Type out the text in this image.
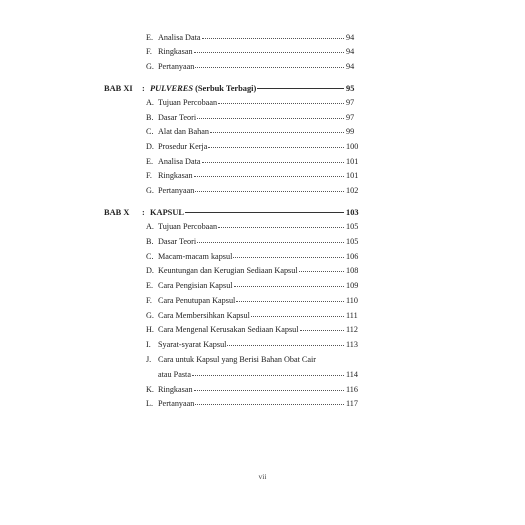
E. Analisa Data	94
F. Ringkasan	94
G. Pertanyaan	94
BAB XI	: PULVERES (Serbuk Terbagi)	95
A. Tujuan Percobaan	97
B. Dasar Teori	97
C. Alat dan Bahan	99
D. Prosedur Kerja	100
E. Analisa Data	101
F. Ringkasan	101
G. Pertanyaan	102
BAB X	: KAPSUL	103
A. Tujuan Percobaan	105
B. Dasar Teori	105
C. Macam-macam kapsul	106
D. Keuntungan dan Kerugian Sediaan Kapsul	108
E. Cara Pengisian Kapsul	109
F. Cara Penutupan Kapsul	110
G. Cara Membersihkan Kapsul	111
H. Cara Mengenal Kerusakan Sediaan Kapsul	112
I. Syarat-syarat Kapsul	113
J. Cara untuk Kapsul yang Berisi Bahan Obat Cair
atau Pasta	114
K. Ringkasan	116
L. Pertanyaan	117
vii
